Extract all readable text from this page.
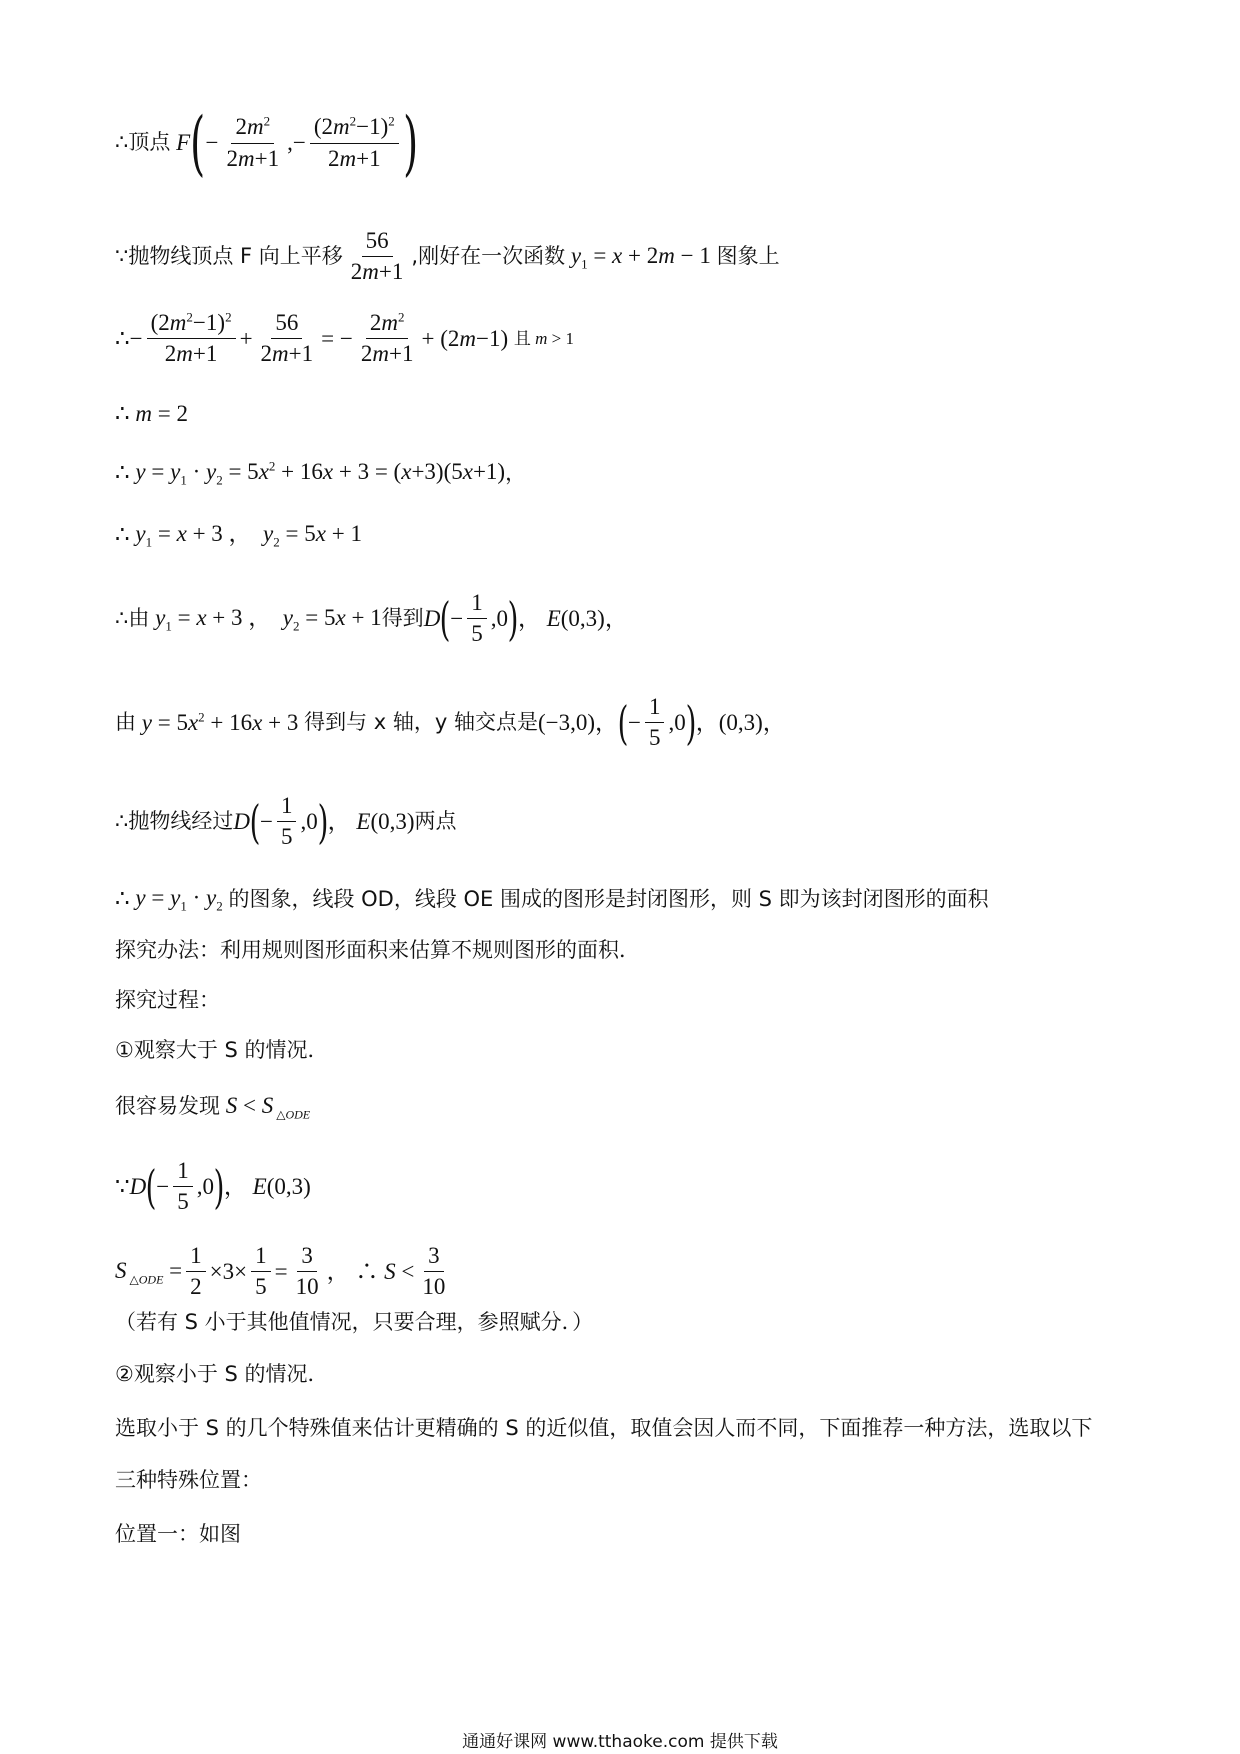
∴顶点 F ( − $\frac{2m^2}{2m+1}$ ,− $\frac{(2m^2-1)^2}{2m+1}$ )
∵抛物线顶点 F 向上平移 $\frac{56}{2m+1}$ ,刚好在一次函数 $y_1 = x + 2m - 1$ 图象上
∴ − $\frac{(2m^2-1)^2}{2m+1} + \frac{56}{2m+1}$ = − $\frac{2m^2}{2m+1} + (2m-1)$ 且 m > 1
∴ m = 2
∴ $y = y_1 \cdot y_2 = 5x^2 + 16x + 3 = (x+3)(5x+1)$ ，
∴ $y_1 = x + 3$ ，  $y_2 = 5x + 1$
∴由 $y_1 = x + 3$ ，  $y_2 = 5x + 1$ 得到 D ( − $\frac{1}{5} ,0$ ) ， E(0,3)，
由 $y = 5x^2 + 16x + 3$ 得到与 x 轴，y 轴交点是 (−3,0)， ( − $\frac{1}{5} ,0$ ) ，(0,3)，
∴抛物线经过 D ( − $\frac{1}{5} ,0$ ) ， E(0,3) 两点
∴ $y = y_1 \cdot y_2$ 的图象，线段 OD，线段 OE 围成的图形是封闭图形，则 S 即为该封闭图形的面积
探究办法：利用规则图形面积来估算不规则图形的面积．
探究过程：
①观察大于 S 的情况．
很容易发现 S < S $_{\triangle ODE}$
∵ D ( − $\frac{1}{5} ,0$ ) ， E(0,3)
S $_{\triangle ODE} = \frac{1}{2} \times 3\times \frac{1}{5} = \frac{3}{10}$ ， ∴ $S < \frac{3}{10}$
（若有 S 小于其他值情况，只要合理，参照赋分．）
②观察小于 S 的情况．
选取小于 S 的几个特殊值来估计更精确的 S 的近似值，取值会因人而不同，下面推荐一种方法，选取以下
三种特殊位置：
位置一：如图
通通好课网 www.tthaoke.com 提供下载
